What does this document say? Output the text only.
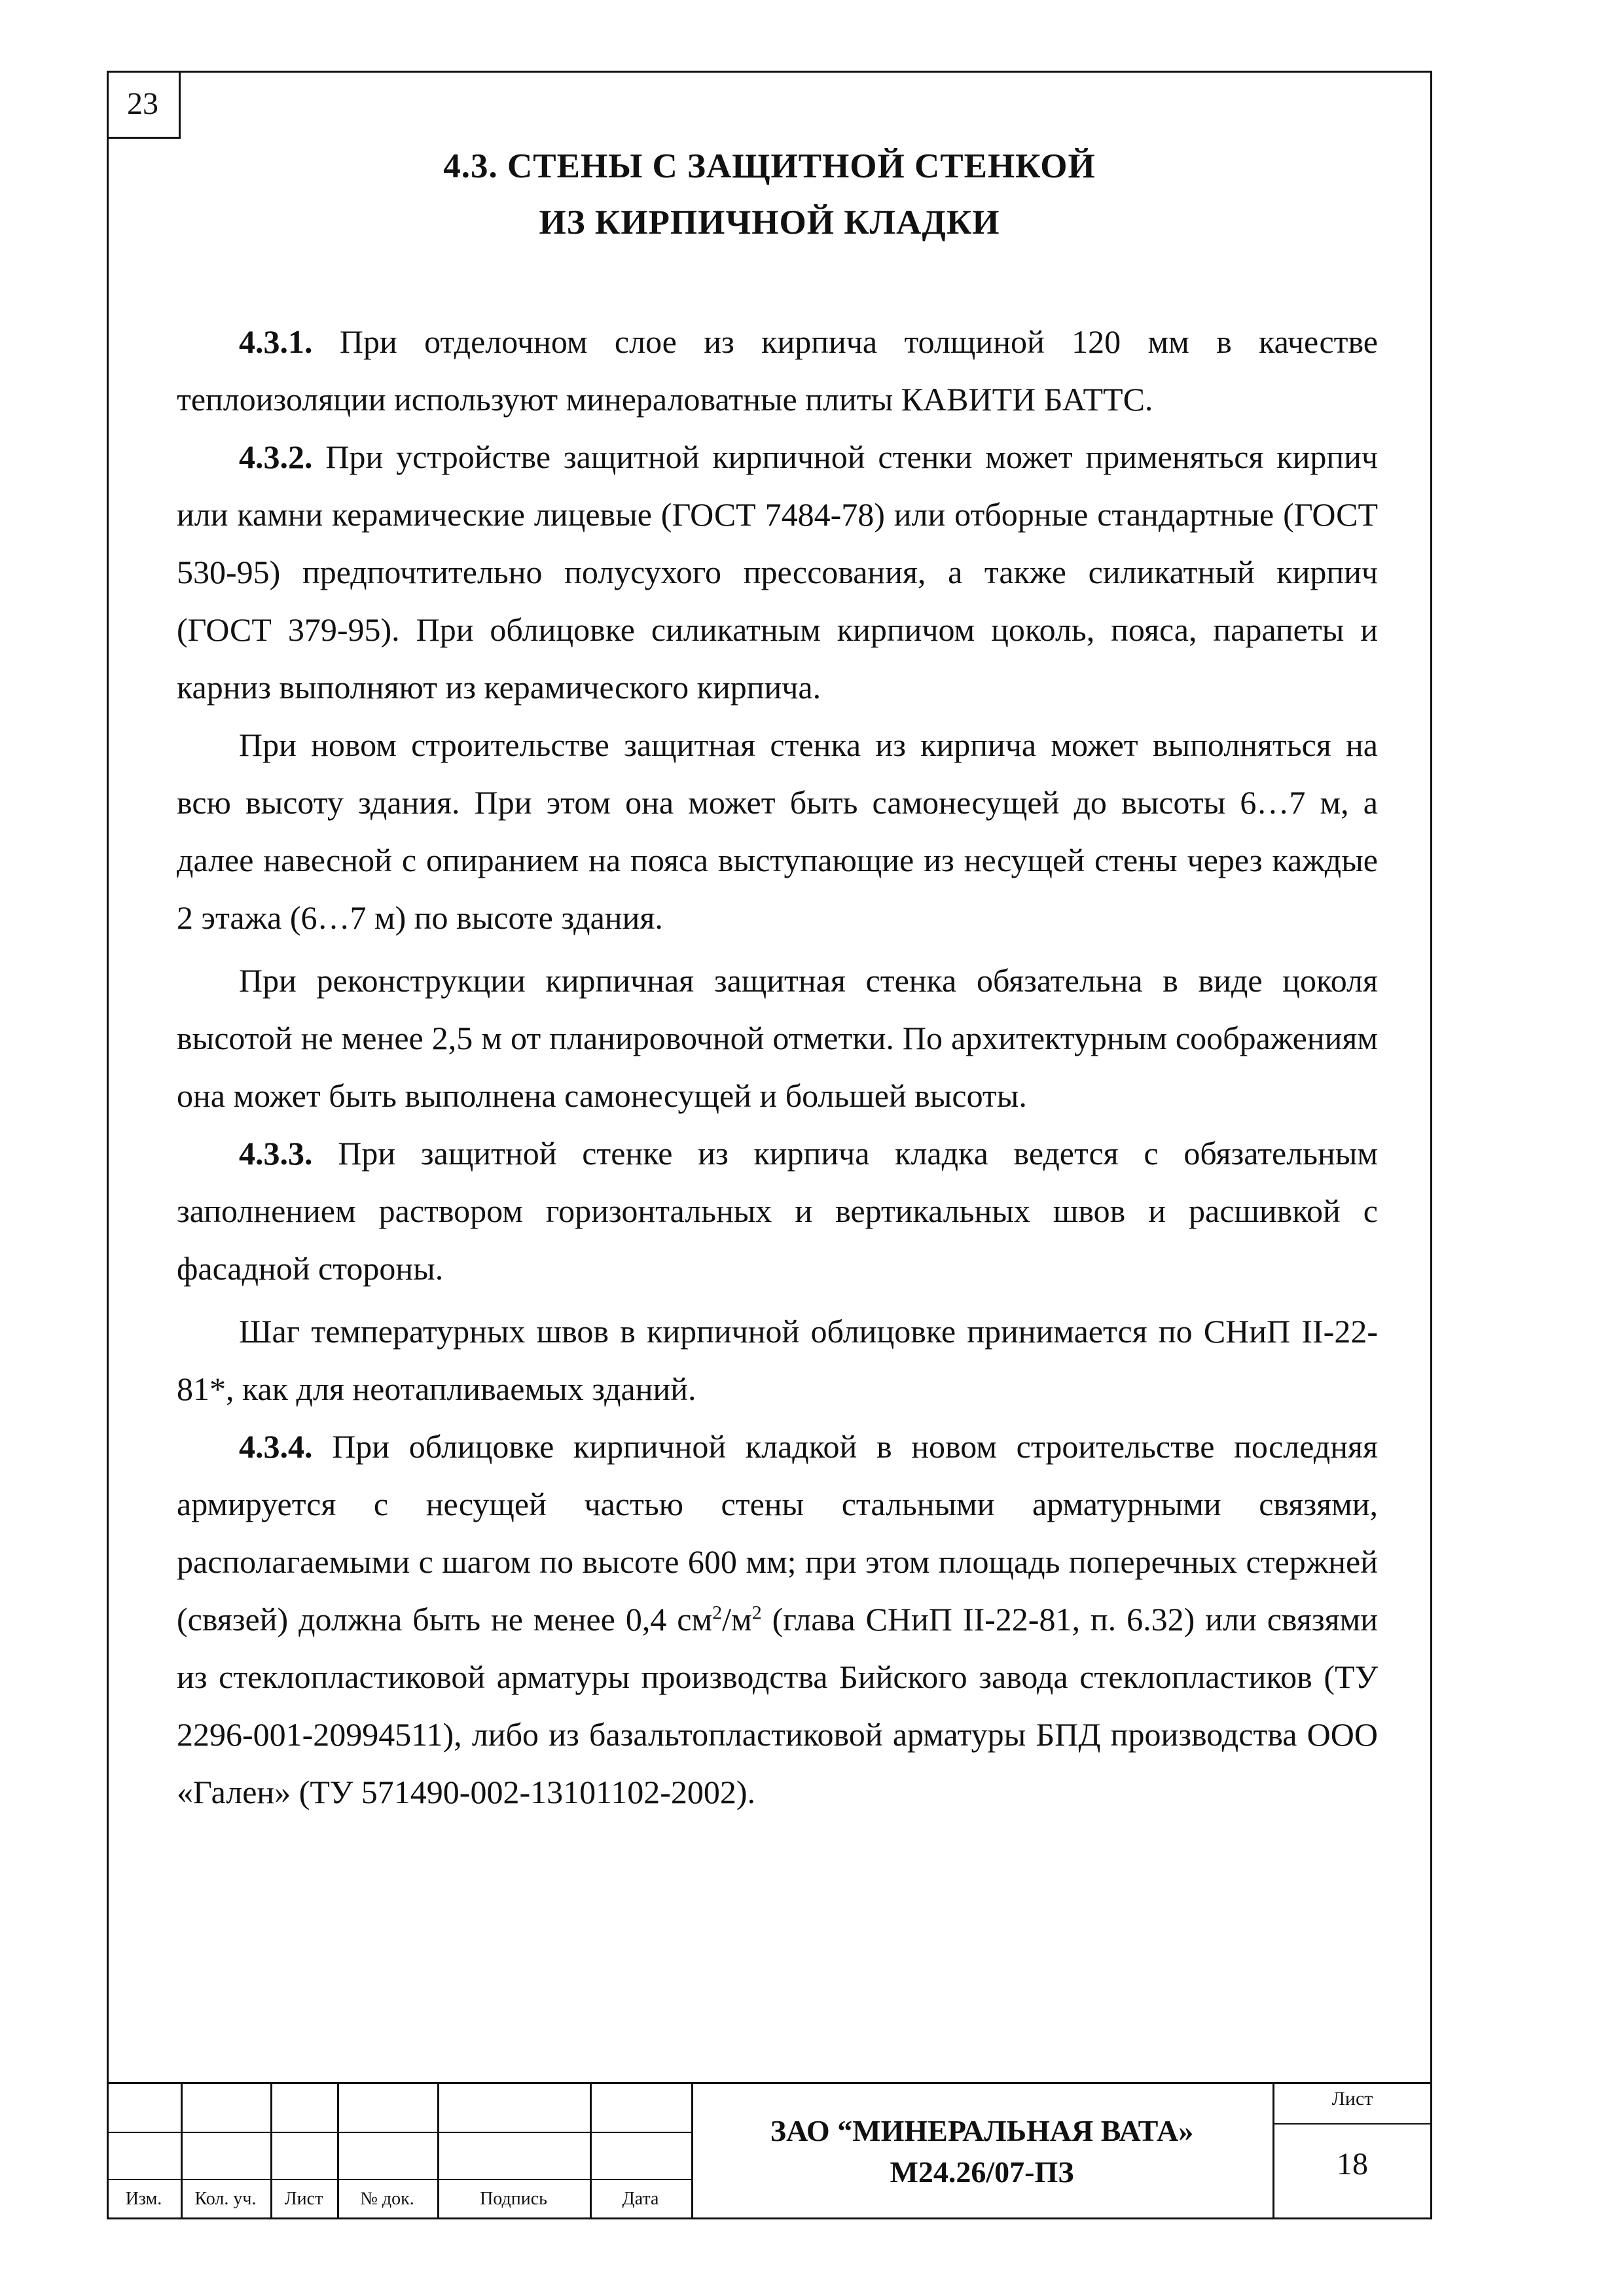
23
4.3. СТЕНЫ С ЗАЩИТНОЙ СТЕНКОЙ
ИЗ КИРПИЧНОЙ КЛАДКИ

4.3.1. При отделочном слое из кирпича толщиной 120 мм в качестве теплоизоляции используют минераловатные плиты КАВИТИ БАТТС.

4.3.2. При устройстве защитной кирпичной стенки может применяться кирпич или камни керамические лицевые (ГОСТ 7484-78) или отборные стандартные (ГОСТ 530-95) предпочтительно полусухого прессования, а также силикатный кирпич (ГОСТ 379-95). При облицовке силикатным кирпичом цоколь, пояса, парапеты и карниз выполняют из керамического кирпича.

При новом строительстве защитная стенка из кирпича может выполняться на всю высоту здания. При этом она может быть самонесущей до высоты 6…7 м, а далее навесной с опиранием на пояса выступающие из несущей стены через каждые 2 этажа (6…7 м) по высоте здания.

При реконструкции кирпичная защитная стенка обязательна в виде цоколя высотой не менее 2,5 м от планировочной отметки. По архитектурным соображениям она может быть выполнена самонесущей и большей высоты.

4.3.3. При защитной стенке из кирпича кладка ведется с обязательным заполнением раствором горизонтальных и вертикальных швов и расшивкой с фасадной стороны.

Шаг температурных швов в кирпичной облицовке принимается по СНиП II-22-81*, как для неотапливаемых зданий.

4.3.4. При облицовке кирпичной кладкой в новом строительстве последняя армируется с несущей частью стены стальными арматурными связями, располагаемыми с шагом по высоте 600 мм; при этом площадь поперечных стержней (связей) должна быть не менее 0,4 $см^2/м^2$ (глава СНиП II-22-81, п. 6.32) или связями из стеклопластиковой арматуры производства Бийского завода стеклопластиков (ТУ 2296-001-20994511), либо из базальтопластиковой арматуры БПД производства ООО «Гален» (ТУ 571490-002-13101102-2002).

Изм.	Кол. уч.	Лист	№ док.	Подпись	Дата
ЗАО “МИНЕРАЛЬНАЯ ВАТА»
М24.26/07-ПЗ
Лист
18
